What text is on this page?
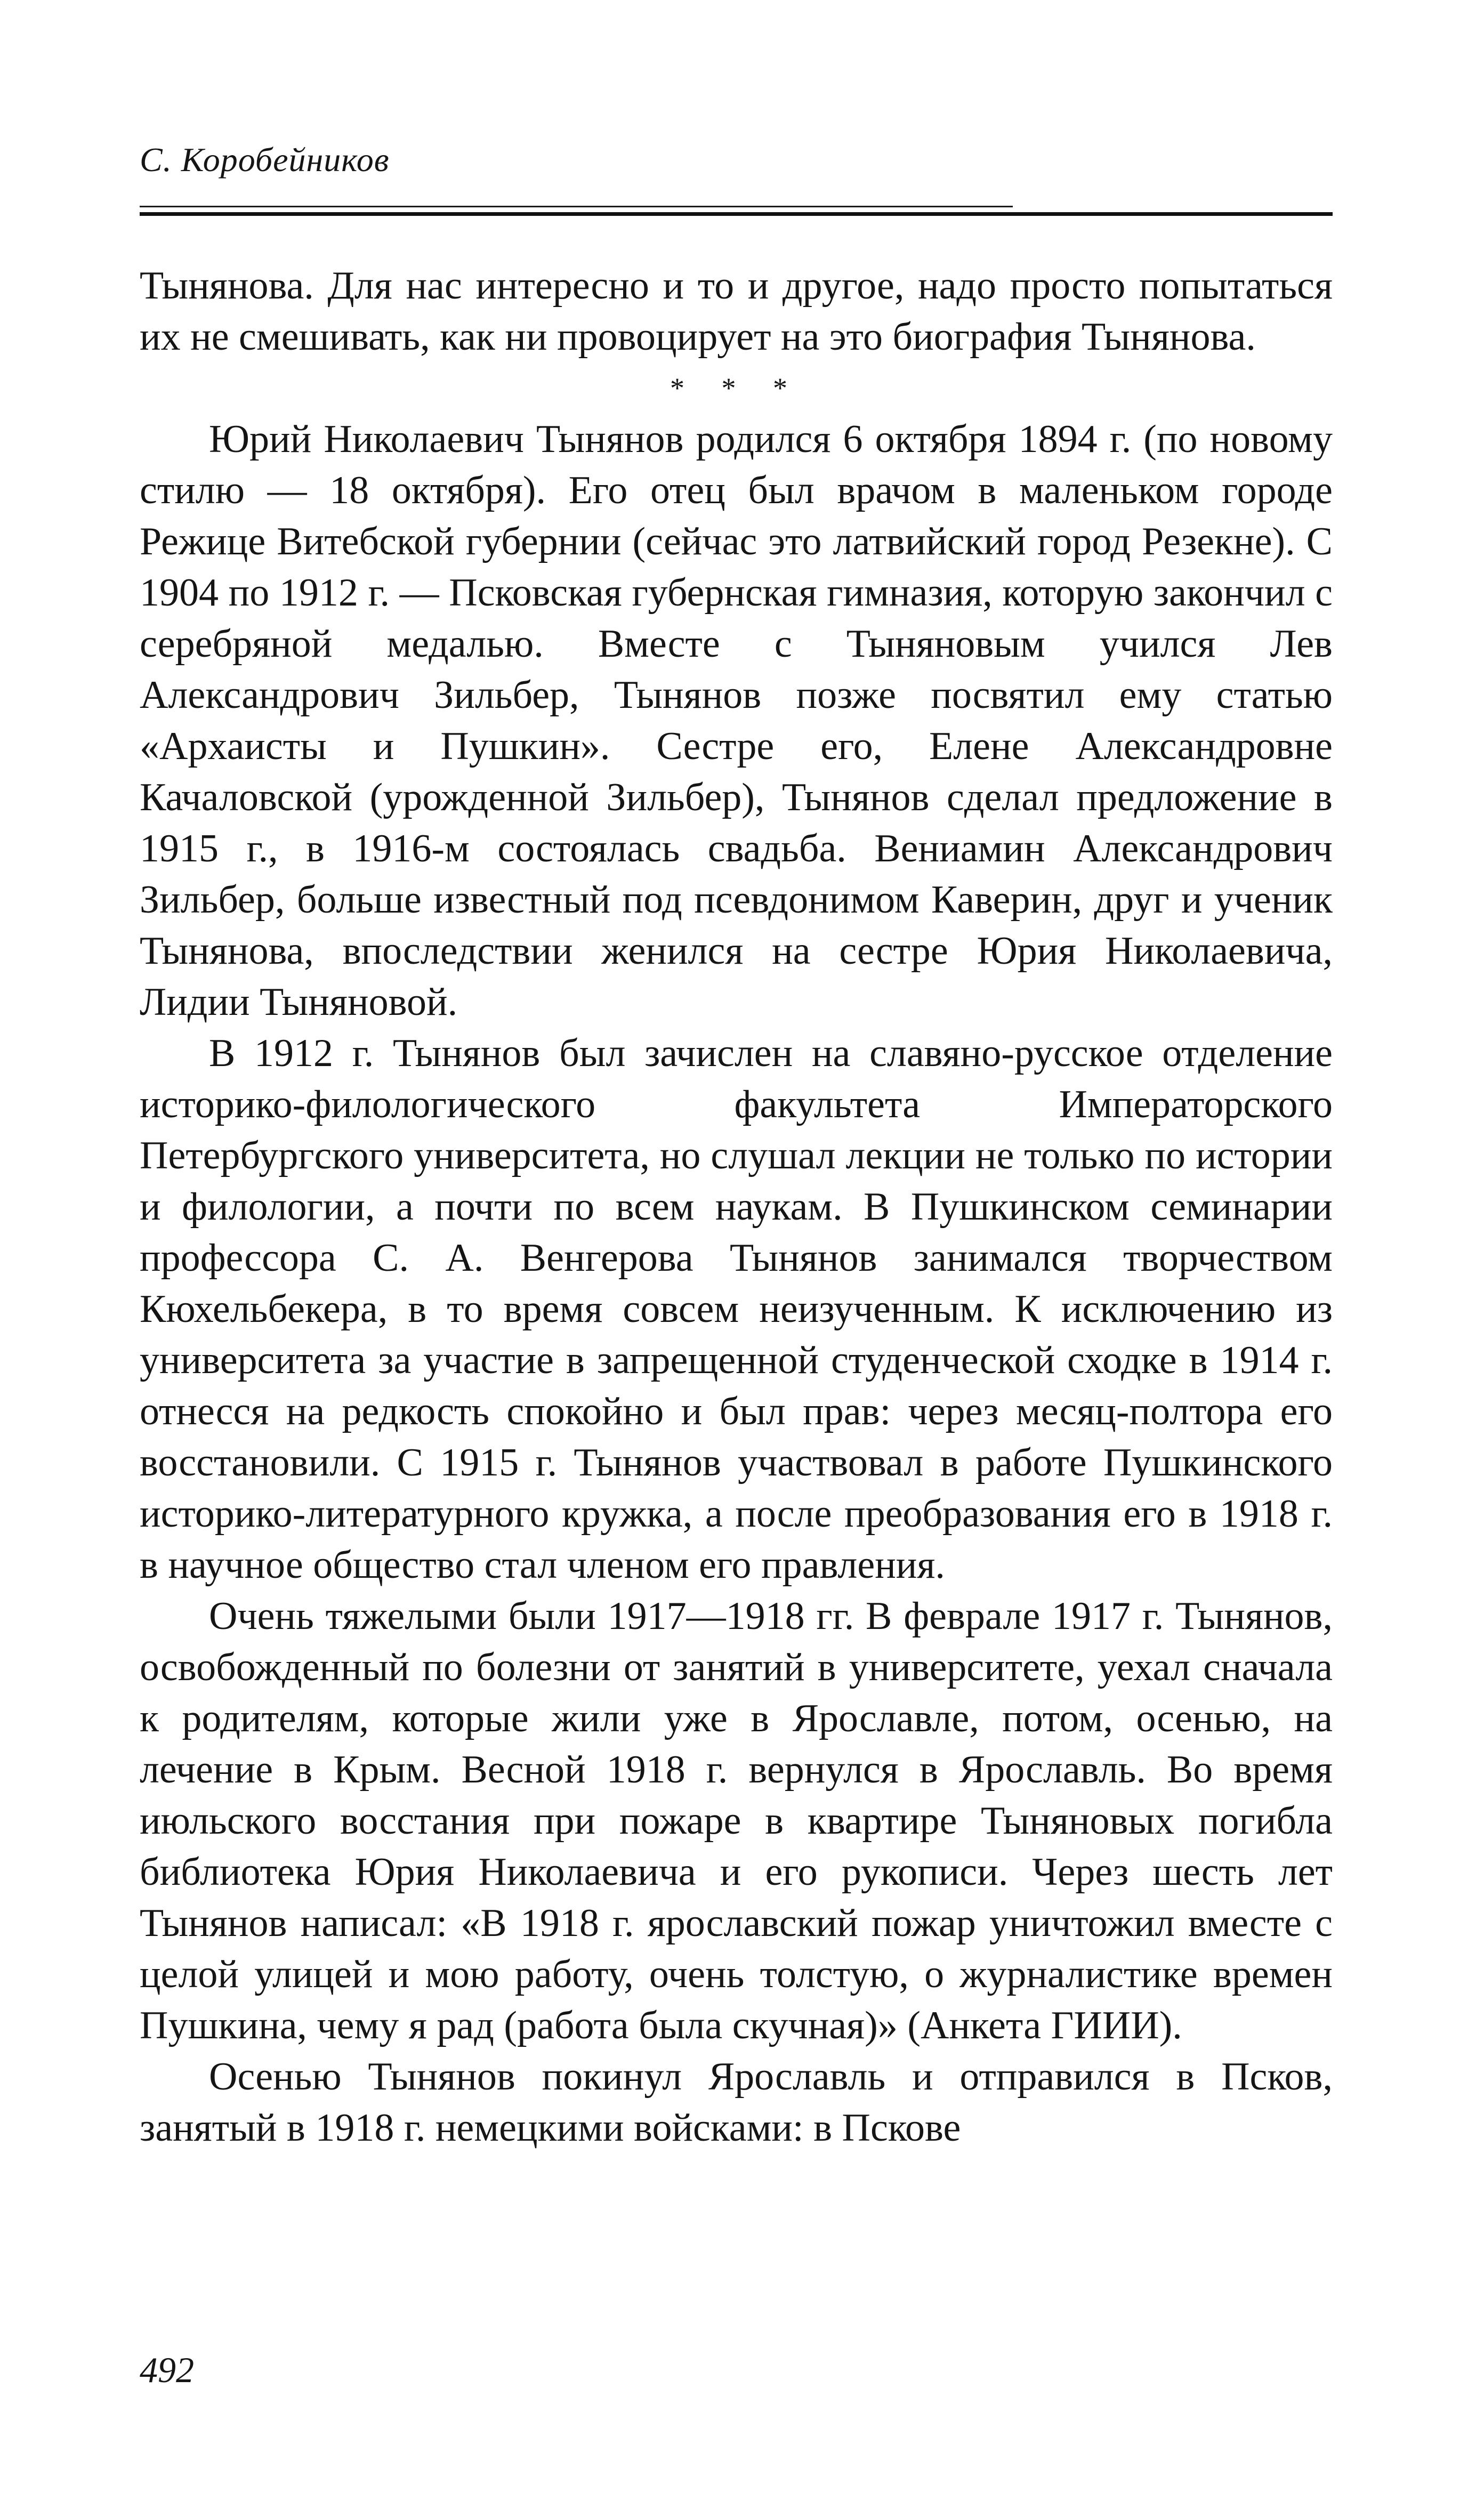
С. Коробейников

Тынянова. Для нас интересно и то и другое, надо просто попытаться их не смешивать, как ни провоцирует на это биография Тынянова.

* * *

Юрий Николаевич Тынянов родился 6 октября 1894 г. (по новому стилю — 18 октября). Его отец был врачом в маленьком городе Режице Витебской губернии (сейчас это латвийский город Резекне). С 1904 по 1912 г. — Псковская губернская гимназия, которую закончил с серебряной медалью. Вместе с Тыняновым учился Лев Александрович Зильбер, Тынянов позже посвятил ему статью «Архаисты и Пушкин». Сестре его, Елене Александровне Качаловской (урожденной Зильбер), Тынянов сделал предложение в 1915 г., в 1916-м состоялась свадьба. Вениамин Александрович Зильбер, больше известный под псевдонимом Каверин, друг и ученик Тынянова, впоследствии женился на сестре Юрия Николаевича, Лидии Тыняновой.

В 1912 г. Тынянов был зачислен на славяно-русское отделение историко-филологического факультета Императорского Петербургского университета, но слушал лекции не только по истории и филологии, а почти по всем наукам. В Пушкинском семинарии профессора С. А. Венгерова Тынянов занимался творчеством Кюхельбекера, в то время совсем неизученным. К исключению из университета за участие в запрещенной студенческой сходке в 1914 г. отнесся на редкость спокойно и был прав: через месяц-полтора его восстановили. С 1915 г. Тынянов участвовал в работе Пушкинского историко-литературного кружка, а после преобразования его в 1918 г. в научное общество стал членом его правления.

Очень тяжелыми были 1917—1918 гг. В феврале 1917 г. Тынянов, освобожденный по болезни от занятий в университете, уехал сначала к родителям, которые жили уже в Ярославле, потом, осенью, на лечение в Крым. Весной 1918 г. вернулся в Ярославль. Во время июльского восстания при пожаре в квартире Тыняновых погибла библиотека Юрия Николаевича и его рукописи. Через шесть лет Тынянов написал: «В 1918 г. ярославский пожар уничтожил вместе с целой улицей и мою работу, очень толстую, о журналистике времен Пушкина, чему я рад (работа была скучная)» (Анкета ГИИИ).

Осенью Тынянов покинул Ярославль и отправился в Псков, занятый в 1918 г. немецкими войсками: в Пскове

492
